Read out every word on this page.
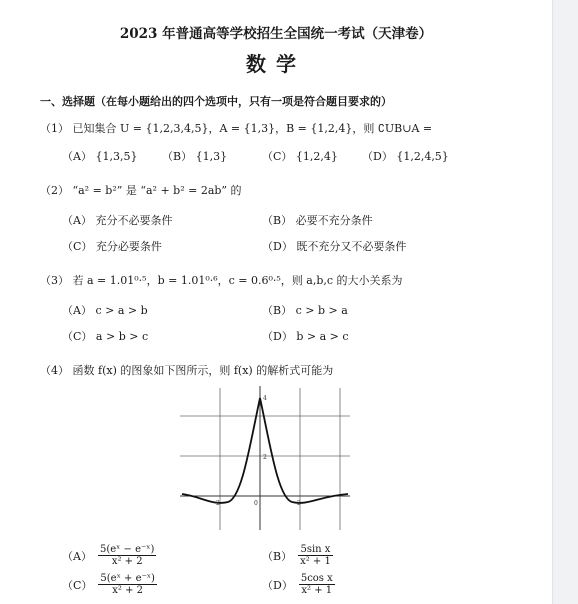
2023 年普通高等学校招生全国统一考试（天津卷）
数学
一、选择题（在每小题给出的四个选项中，只有一项是符合题目要求的）
（1） 已知集合 U = {1,2,3,4,5}，A = {1,3}，B = {1,2,4}，则 ∁UB∪A =
（A） {1,3,5} （B） {1,3}	（C） {1,2,4} （D） {1,2,4,5}
（2） “a² = b²” 是 “a² + b² = 2ab” 的
（A） 充分不必要条件	（B） 必要不充分条件
（C） 充分必要条件	（D） 既不充分又不必要条件
（3） 若 a = 1.01⁰·⁵，b = 1.01⁰·⁶，c = 0.6⁰·⁵，则 a,b,c 的大小关系为
（A） c > a > b	（B） c > b > a
（C） a > b > c	（D） b > a > c
（4） 函数 f(x) 的图象如下图所示，则 f(x) 的解析式可能为
4
2
0
-2	2
$(A) \frac{\text{5(eˣ − e⁻ˣ)}}{\text{x² + 2}}$	$(B) \frac{\text{5sin x}}{\text{x² + 1}}$
$(C) \frac{\text{5(eˣ + e⁻ˣ)}}{\text{x² + 2}}$	$(D) \frac{\text{5cos x}}{\text{x² + 1}}$
